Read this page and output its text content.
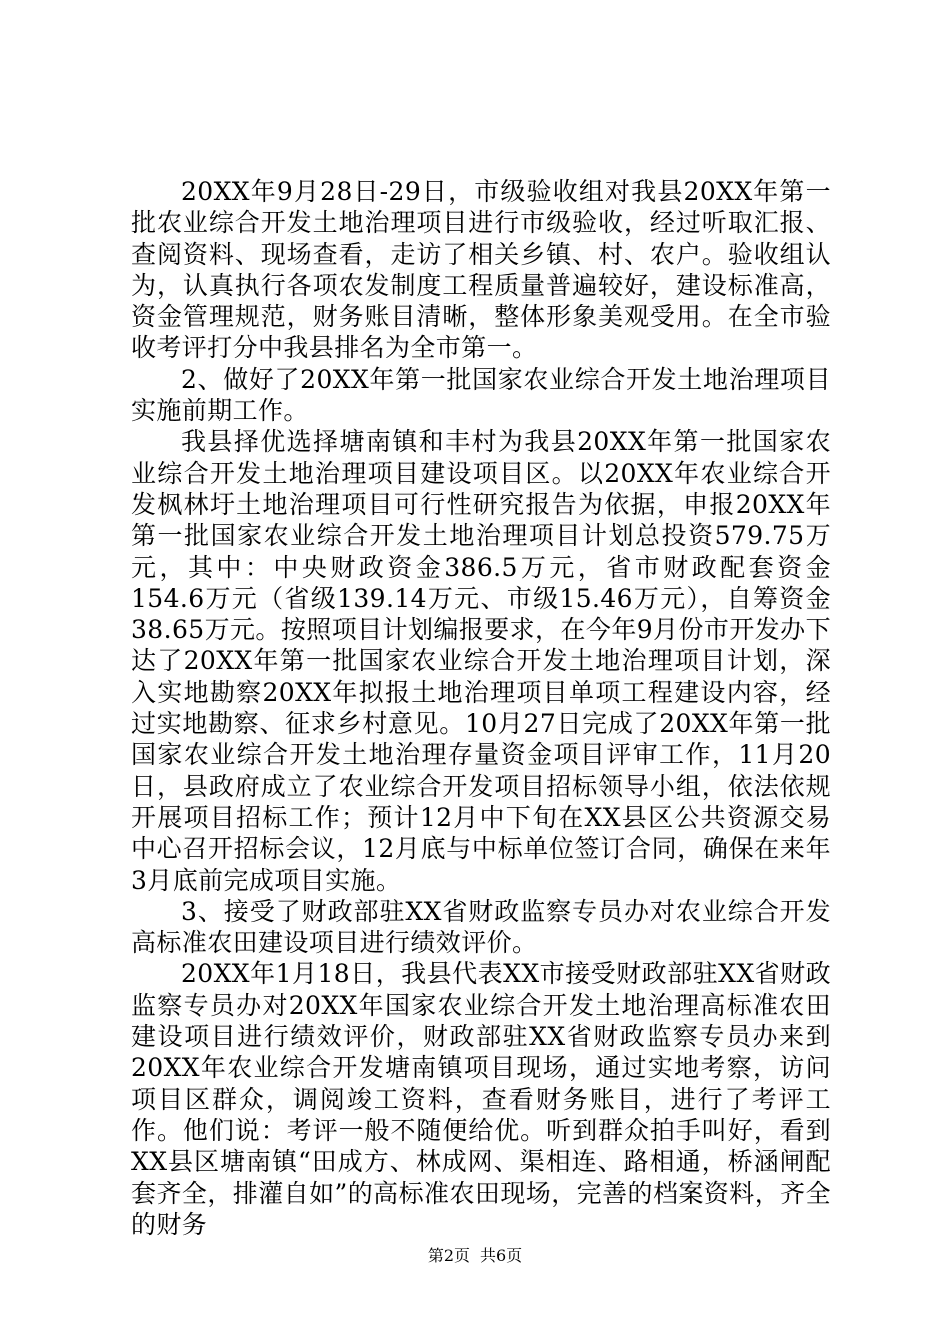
20XX年9月28日-29日，市级验收组对我县20XX年第一批农业综合开发土地治理项目进行市级验收，经过听取汇报、查阅资料、现场查看，走访了相关乡镇、村、农户。验收组认为，认真执行各项农发制度工程质量普遍较好，建设标准高，资金管理规范，财务账目清晰，整体形象美观受用。在全市验收考评打分中我县排名为全市第一。

2、做好了20XX年第一批国家农业综合开发土地治理项目实施前期工作。

我县择优选择塘南镇和丰村为我县20XX年第一批国家农业综合开发土地治理项目建设项目区。以20XX年农业综合开发枫林圩土地治理项目可行性研究报告为依据，申报20XX年第一批国家农业综合开发土地治理项目计划总投资579.75万元，其中：中央财政资金386.5万元，省市财政配套资金154.6万元（省级139.14万元、市级15.46万元），自筹资金38.65万元。按照项目计划编报要求，在今年9月份市开发办下达了20XX年第一批国家农业综合开发土地治理项目计划，深入实地勘察20XX年拟报土地治理项目单项工程建设内容，经过实地勘察、征求乡村意见。10月27日完成了20XX年第一批国家农业综合开发土地治理存量资金项目评审工作，11月20日，县政府成立了农业综合开发项目招标领导小组，依法依规开展项目招标工作；预计12月中下旬在XX县区公共资源交易中心召开招标会议，12月底与中标单位签订合同，确保在来年3月底前完成项目实施。

3、接受了财政部驻XX省财政监察专员办对农业综合开发高标准农田建设项目进行绩效评价。

20XX年1月18日，我县代表XX市接受财政部驻XX省财政监察专员办对20XX年国家农业综合开发土地治理高标准农田建设项目进行绩效评价，财政部驻XX省财政监察专员办来到20XX年农业综合开发塘南镇项目现场，通过实地考察，访问项目区群众，调阅竣工资料，查看财务账目，进行了考评工作。他们说：考评一般不随便给优。听到群众拍手叫好，看到XX县区塘南镇“田成方、林成网、渠相连、路相通，桥涵闸配套齐全，排灌自如”的高标准农田现场，完善的档案资料，齐全的财务

第2页 共6页
